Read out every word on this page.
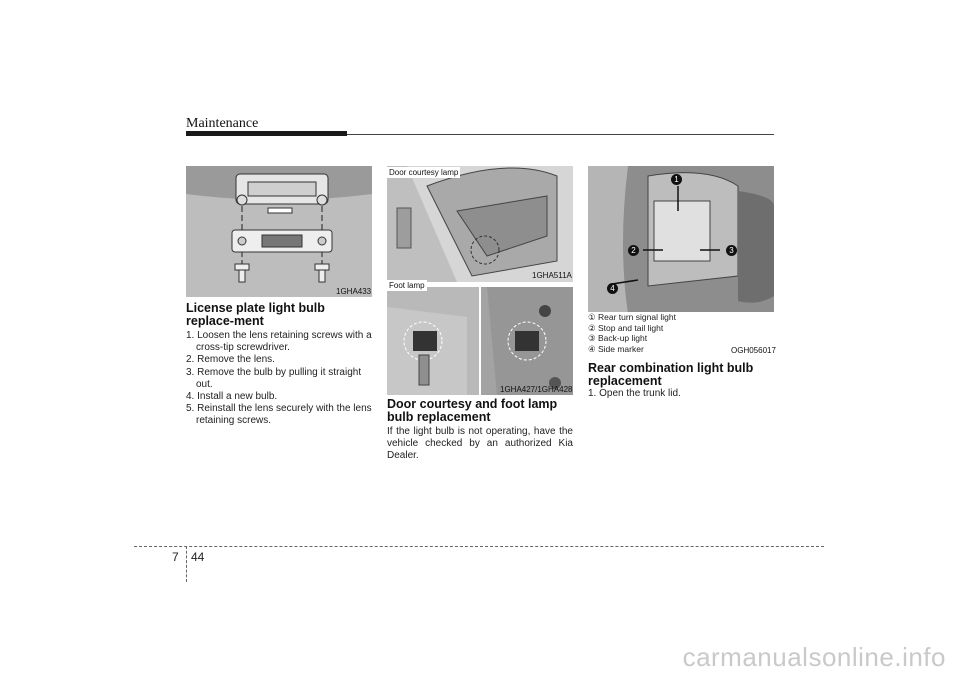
Maintenance
1GHA433
License plate light bulb replace-ment
1. Loosen the lens retaining screws with a cross-tip screwdriver.
2. Remove the lens.
3. Remove the bulb by pulling it straight out.
4. Install a new bulb.
5. Reinstall the lens securely with the lens retaining screws.
Door courtesy lamp
1GHA511A
Foot lamp
1GHA427/1GHA428
Door courtesy and foot lamp bulb replacement

If the light bulb is not operating, have the vehicle checked by an authorized Kia Dealer.

1
2	3
4
① Rear turn signal light
② Stop and tail light
③ Back-up light
④ Side marker	OGH056017
Rear combination light bulb replacement
1. Open the trunk lid.
7 44
carmanualsonline.info
